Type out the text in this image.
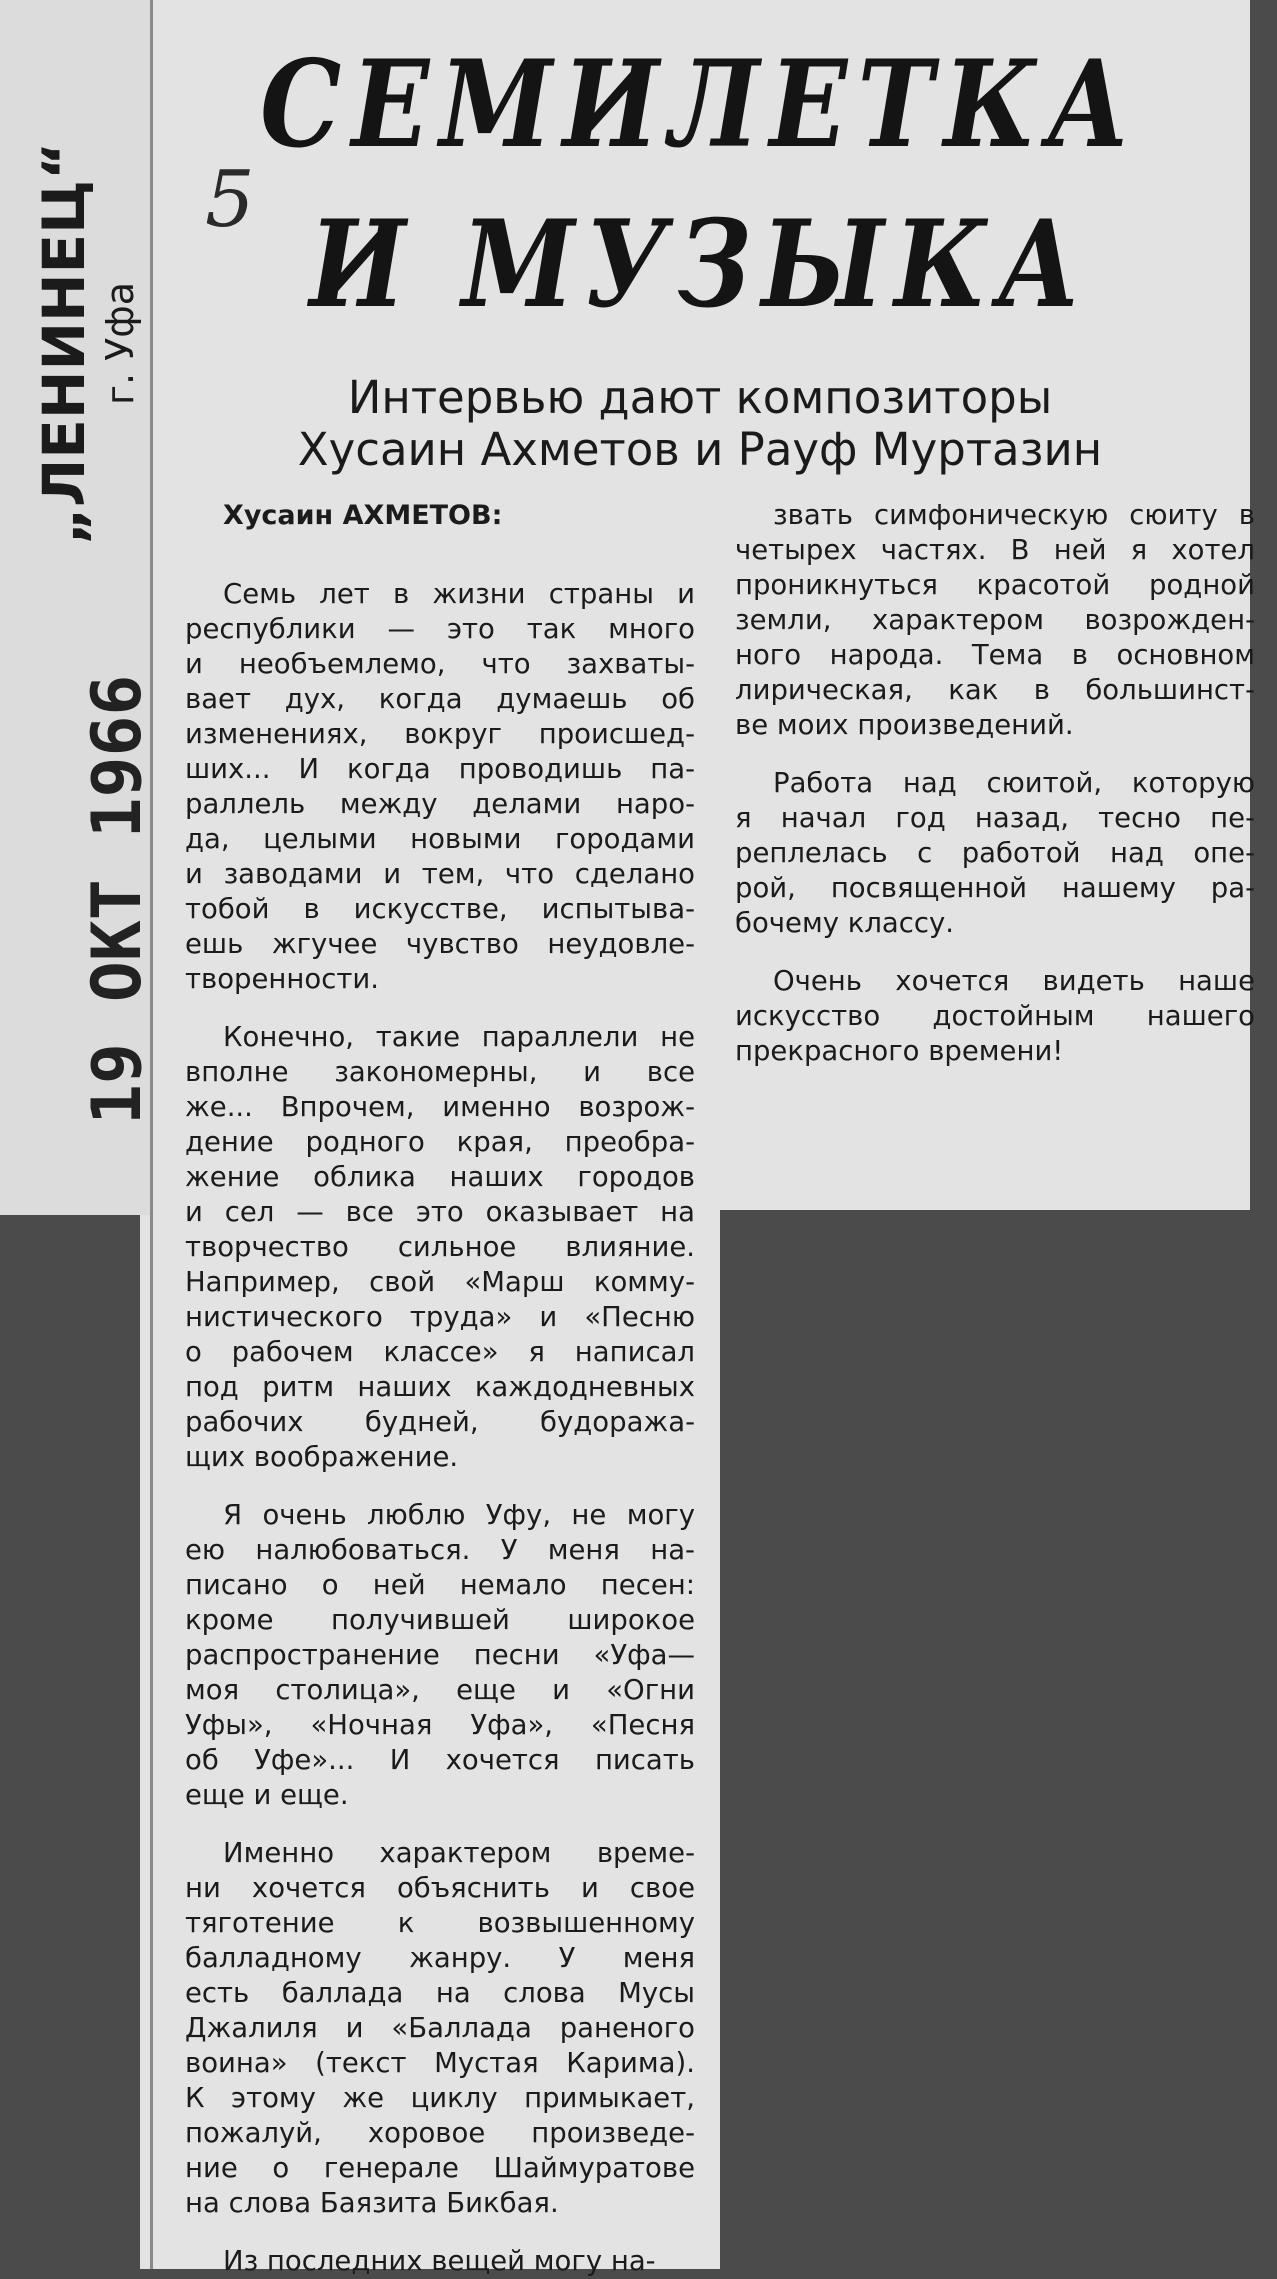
„ЛЕНИНЕЦ“ г. Уфа
19 ОКТ 1966
5
СЕМИЛЕТКА
И МУЗЫКА
Интервью дают композиторы
Хусаин Ахметов и Рауф Муртазин
Хусаин АХМЕТОВ:
Семь лет в жизни страны и
республики — это так много
и необъемлемо, что захваты-
вает дух, когда думаешь об
изменениях, вокруг происшед-
ших... И когда проводишь па-
раллель между делами наро-
да, целыми новыми городами
и заводами и тем, что сделано
тобой в искусстве, испытыва-
ешь жгучее чувство неудовле-
творенности.
Конечно, такие параллели не
вполне закономерны, и все
же... Впрочем, именно возрож-
дение родного края, преобра-
жение облика наших городов
и сел — все это оказывает на
творчество сильное влияние.
Например, свой «Марш комму-
нистического труда» и «Песню
о рабочем классе» я написал
под ритм наших каждодневных
рабочих будней, будоража-
щих воображение.
Я очень люблю Уфу, не могу
ею налюбоваться. У меня на-
писано о ней немало песен:
кроме получившей широкое
распространение песни «Уфа—
моя столица», еще и «Огни
Уфы», «Ночная Уфа», «Песня
об Уфе»... И хочется писать
еще и еще.
Именно характером време-
ни хочется объяснить и свое
тяготение к возвышенному
балладному жанру. У меня
есть баллада на слова Мусы
Джалиля и «Баллада раненого
воина» (текст Мустая Карима).
К этому же циклу примыкает,
пожалуй, хоровое произведе-
ние о генерале Шаймуратове
на слова Баязита Бикбая.
Из последних вещей могу на-
звать симфоническую сюиту в
четырех частях. В ней я хотел
проникнуться красотой родной
земли, характером возрожден-
ного народа. Тема в основном
лирическая, как в большинст-
ве моих произведений.
Работа над сюитой, которую
я начал год назад, тесно пе-
реплелась с работой над опе-
рой, посвященной нашему ра-
бочему классу.
Очень хочется видеть наше
искусство достойным нашего
прекрасного времени!
